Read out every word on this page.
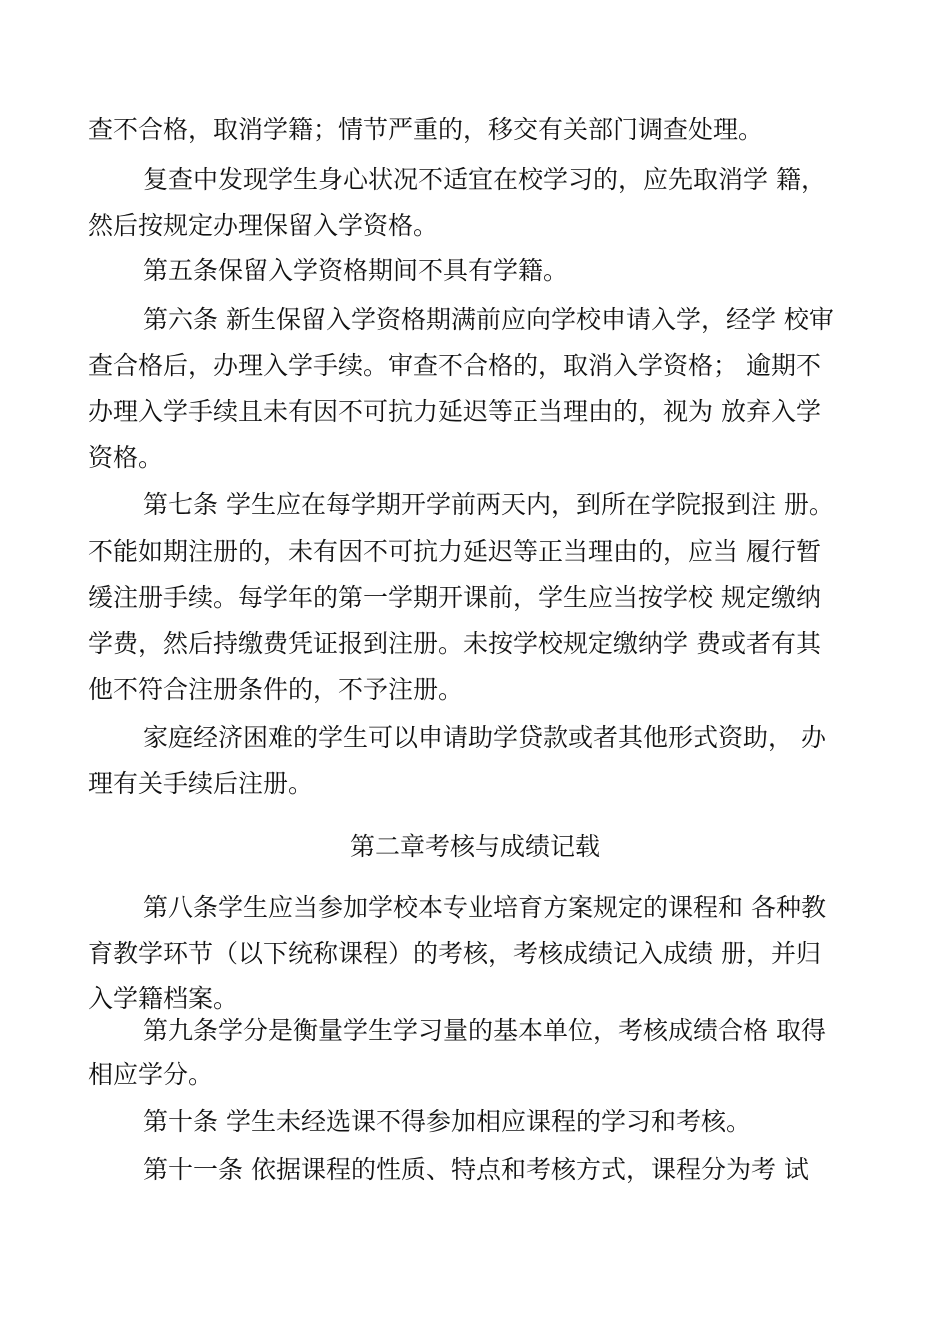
查不合格，取消学籍；情节严重的，移交有关部门调查处理。
复查中发现学生身心状况不适宜在校学习的，应先取消学 籍，
然后按规定办理保留入学资格。
第五条保留入学资格期间不具有学籍。
第六条 新生保留入学资格期满前应向学校申请入学，经学 校审
查合格后，办理入学手续。审查不合格的，取消入学资格； 逾期不
办理入学手续且未有因不可抗力延迟等正当理由的，视为 放弃入学
资格。
第七条 学生应在每学期开学前两天内，到所在学院报到注 册。
不能如期注册的，未有因不可抗力延迟等正当理由的，应当 履行暂
缓注册手续。每学年的第一学期开课前，学生应当按学校 规定缴纳
学费，然后持缴费凭证报到注册。未按学校规定缴纳学 费或者有其
他不符合注册条件的，不予注册。
家庭经济困难的学生可以申请助学贷款或者其他形式资助， 办
理有关手续后注册。
第二章考核与成绩记载
第八条学生应当参加学校本专业培育方案规定的课程和 各种教
育教学环节（以下统称课程）的考核，考核成绩记入成绩 册，并归
入学籍档案。
第九条学分是衡量学生学习量的基本单位，考核成绩合格 取得
相应学分。
第十条 学生未经选课不得参加相应课程的学习和考核。
第十一条 依据课程的性质、特点和考核方式，课程分为考 试
